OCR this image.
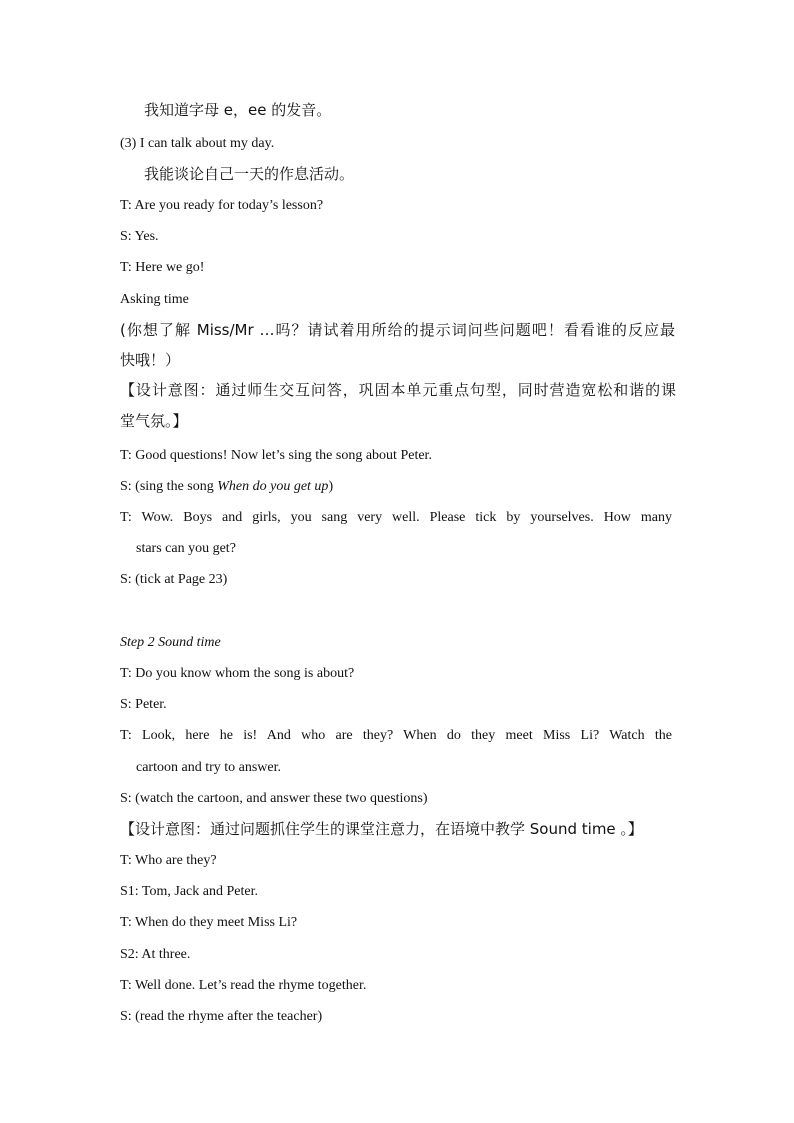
我知道字母 e，ee 的发音。
(3) I can talk about my day.
我能谈论自己一天的作息活动。
T: Are you ready for today’s lesson?
S: Yes.
T: Here we go!
Asking time
(你想了解 Miss/Mr …吗？请试着用所给的提示词问些问题吧！看看谁的反应最
快哦！）
【设计意图：通过师生交互问答，巩固本单元重点句型，同时营造宽松和谐的课
堂气氛。】
T: Good questions! Now let’s sing the song about Peter.
S: (sing the song When do you get up)
T: Wow. Boys and girls, you sang very well. Please tick by yourselves. How many
stars can you get?
S: (tick at Page 23)
Step 2 Sound time
T: Do you know whom the song is about?
S: Peter.
T: Look, here he is! And who are they? When do they meet Miss Li? Watch the
cartoon and try to answer.
S: (watch the cartoon, and answer these two questions)
【设计意图：通过问题抓住学生的课堂注意力，在语境中教学 Sound time 。】
T: Who are they?
S1: Tom, Jack and Peter.
T: When do they meet Miss Li?
S2: At three.
T: Well done. Let’s read the rhyme together.
S: (read the rhyme after the teacher)
